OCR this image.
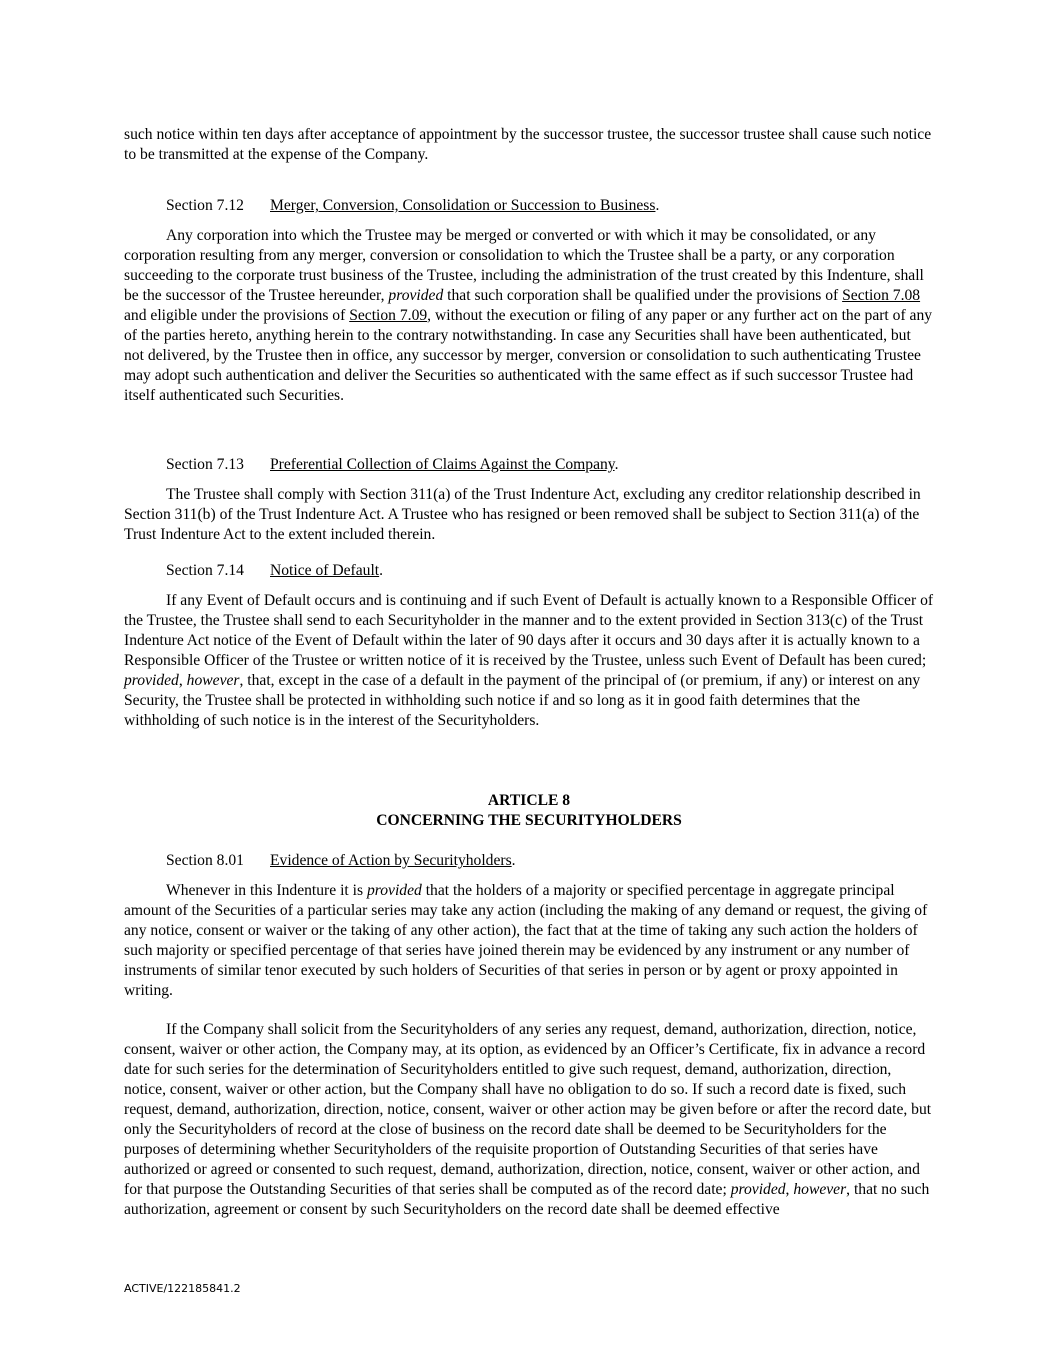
such notice within ten days after acceptance of appointment by the successor trustee, the successor trustee shall cause such notice to be transmitted at the expense of the Company.

Section 7.12 Merger, Conversion, Consolidation or Succession to Business.

Any corporation into which the Trustee may be merged or converted or with which it may be consolidated, or any corporation resulting from any merger, conversion or consolidation to which the Trustee shall be a party, or any corporation succeeding to the corporate trust business of the Trustee, including the administration of the trust created by this Indenture, shall be the successor of the Trustee hereunder, provided that such corporation shall be qualified under the provisions of Section 7.08 and eligible under the provisions of Section 7.09, without the execution or filing of any paper or any further act on the part of any of the parties hereto, anything herein to the contrary notwithstanding. In case any Securities shall have been authenticated, but not delivered, by the Trustee then in office, any successor by merger, conversion or consolidation to such authenticating Trustee may adopt such authentication and deliver the Securities so authenticated with the same effect as if such successor Trustee had itself authenticated such Securities.

Section 7.13 Preferential Collection of Claims Against the Company.

The Trustee shall comply with Section 311(a) of the Trust Indenture Act, excluding any creditor relationship described in Section 311(b) of the Trust Indenture Act. A Trustee who has resigned or been removed shall be subject to Section 311(a) of the Trust Indenture Act to the extent included therein.

Section 7.14 Notice of Default.

If any Event of Default occurs and is continuing and if such Event of Default is actually known to a Responsible Officer of the Trustee, the Trustee shall send to each Securityholder in the manner and to the extent provided in Section 313(c) of the Trust Indenture Act notice of the Event of Default within the later of 90 days after it occurs and 30 days after it is actually known to a Responsible Officer of the Trustee or written notice of it is received by the Trustee, unless such Event of Default has been cured; provided, however, that, except in the case of a default in the payment of the principal of (or premium, if any) or interest on any Security, the Trustee shall be protected in withholding such notice if and so long as it in good faith determines that the withholding of such notice is in the interest of the Securityholders.

ARTICLE 8

CONCERNING THE SECURITYHOLDERS

Section 8.01 Evidence of Action by Securityholders.

Whenever in this Indenture it is provided that the holders of a majority or specified percentage in aggregate principal amount of the Securities of a particular series may take any action (including the making of any demand or request, the giving of any notice, consent or waiver or the taking of any other action), the fact that at the time of taking any such action the holders of such majority or specified percentage of that series have joined therein may be evidenced by any instrument or any number of instruments of similar tenor executed by such holders of Securities of that series in person or by agent or proxy appointed in writing.

If the Company shall solicit from the Securityholders of any series any request, demand, authorization, direction, notice, consent, waiver or other action, the Company may, at its option, as evidenced by an Officer’s Certificate, fix in advance a record date for such series for the determination of Securityholders entitled to give such request, demand, authorization, direction, notice, consent, waiver or other action, but the Company shall have no obligation to do so. If such a record date is fixed, such request, demand, authorization, direction, notice, consent, waiver or other action may be given before or after the record date, but only the Securityholders of record at the close of business on the record date shall be deemed to be Securityholders for the purposes of determining whether Securityholders of the requisite proportion of Outstanding Securities of that series have authorized or agreed or consented to such request, demand, authorization, direction, notice, consent, waiver or other action, and for that purpose the Outstanding Securities of that series shall be computed as of the record date; provided, however, that no such authorization, agreement or consent by such Securityholders on the record date shall be deemed effective

ACTIVE/122185841.2
